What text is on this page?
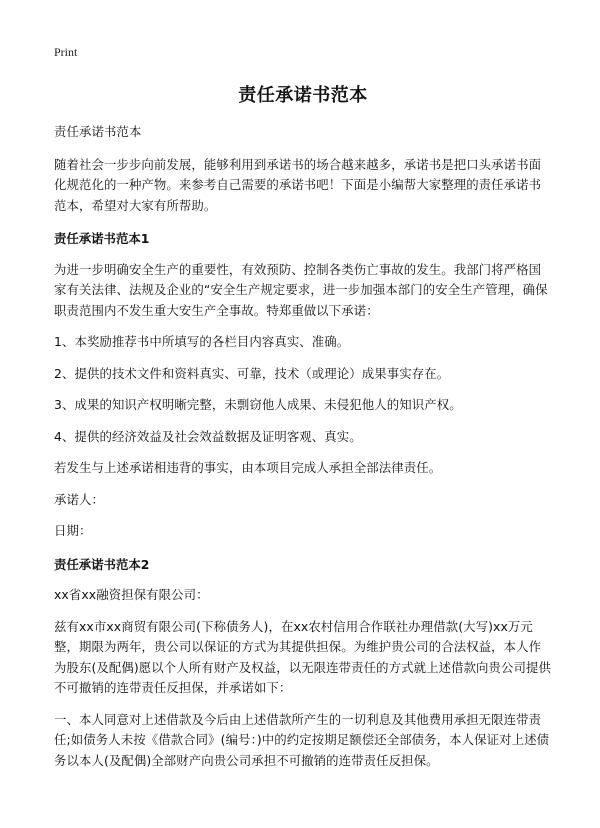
Print

责任承诺书范本

责任承诺书范本

随着社会一步步向前发展，能够利用到承诺书的场合越来越多，承诺书是把口头承诺书面化规范化的一种产物。来参考自己需要的承诺书吧！下面是小编帮大家整理的责任承诺书范本，希望对大家有所帮助。

责任承诺书范本1

为进一步明确安全生产的重要性，有效预防、控制各类伤亡事故的发生。我部门将严格国家有关法律、法规及企业的“安全生产规定要求，进一步加强本部门的安全生产管理，确保职责范围内不发生重大安生产全事故。特郑重做以下承诺：

1、本奖励推荐书中所填写的各栏目内容真实、准确。

2、提供的技术文件和资料真实、可靠，技术（或理论）成果事实存在。

3、成果的知识产权明晰完整，未剽窃他人成果、未侵犯他人的知识产权。

4、提供的经济效益及社会效益数据及证明客观、真实。

若发生与上述承诺相违背的事实，由本项目完成人承担全部法律责任。

承诺人：

日期：

责任承诺书范本2

xx省xx融资担保有限公司：

兹有xx市xx商贸有限公司(下称债务人)，在xx农村信用合作联社办理借款(大写)xx万元整，期限为两年，贵公司以保证的方式为其提供担保。为维护贵公司的合法权益，本人作为股东(及配偶)愿以个人所有财产及权益，以无限连带责任的方式就上述借款向贵公司提供不可撤销的连带责任反担保，并承诺如下：

一、本人同意对上述借款及今后由上述借款所产生的一切利息及其他费用承担无限连带责任;如债务人未按《借款合同》(编号：)中的约定按期足额偿还全部债务，本人保证对上述债务以本人(及配偶)全部财产向贵公司承担不可撤销的连带责任反担保。
